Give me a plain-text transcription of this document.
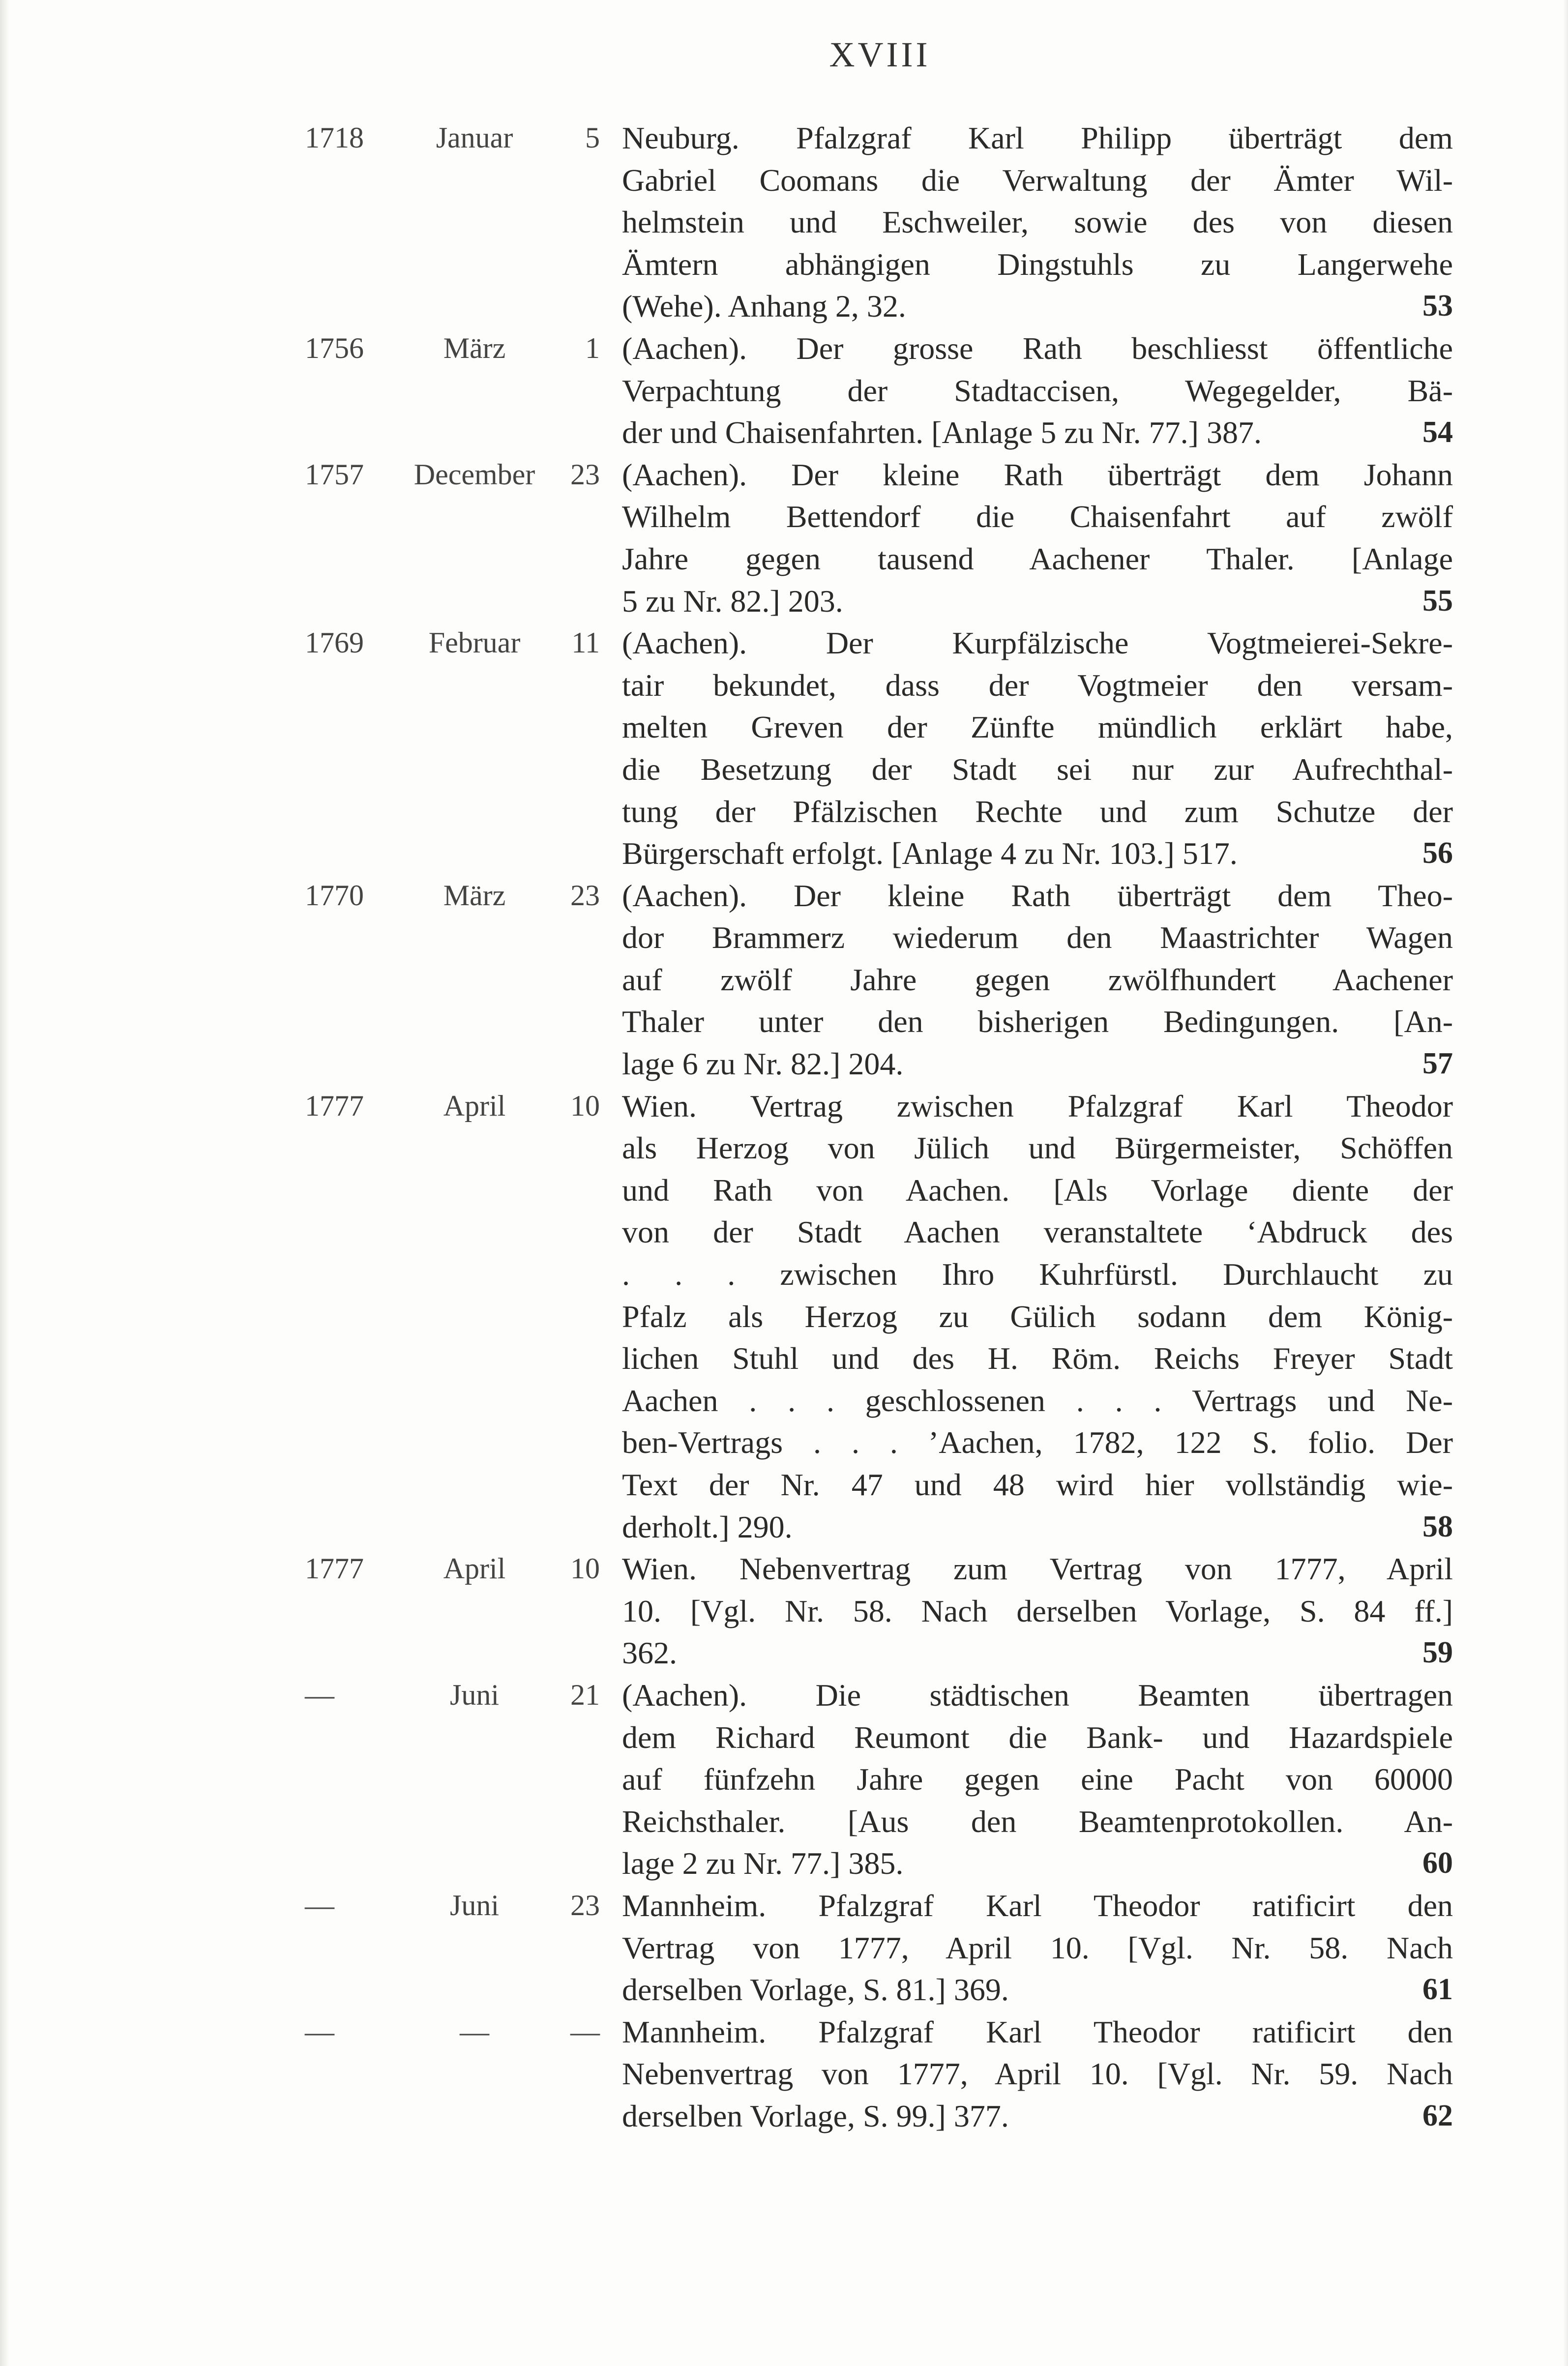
XVIII
1718	Januar	5 Neuburg. Pfalzgraf Karl Philipp überträgt dem
Gabriel Coomans die Verwaltung der Ämter Wil-
helmstein und Eschweiler, sowie des von diesen
Ämtern abhängigen Dingstuhls zu Langerwehe
(Wehe). Anhang 2, 32.	53
1756	März	1 (Aachen). Der grosse Rath beschliesst öffentliche
Verpachtung der Stadtaccisen, Wegegelder, Bä-
der und Chaisenfahrten. [Anlage 5 zu Nr. 77.] 387.	54
1757	December	23 (Aachen). Der kleine Rath überträgt dem Johann
Wilhelm Bettendorf die Chaisenfahrt auf zwölf
Jahre gegen tausend Aachener Thaler. [Anlage
5 zu Nr. 82.] 203.	55
1769	Februar	11 (Aachen). Der Kurpfälzische Vogtmeierei-Sekre-
tair bekundet, dass der Vogtmeier den versam-
melten Greven der Zünfte mündlich erklärt habe,
die Besetzung der Stadt sei nur zur Aufrechthal-
tung der Pfälzischen Rechte und zum Schutze der
Bürgerschaft erfolgt. [Anlage 4 zu Nr. 103.] 517.	56
1770	März	23 (Aachen). Der kleine Rath überträgt dem Theo-
dor Brammerz wiederum den Maastrichter Wagen
auf zwölf Jahre gegen zwölfhundert Aachener
Thaler unter den bisherigen Bedingungen. [An-
lage 6 zu Nr. 82.] 204.	57
1777	April	10 Wien. Vertrag zwischen Pfalzgraf Karl Theodor
als Herzog von Jülich und Bürgermeister, Schöffen
und Rath von Aachen. [Als Vorlage diente der
von der Stadt Aachen veranstaltete ‘Abdruck des
. . . zwischen Ihro Kuhrfürstl. Durchlaucht zu
Pfalz als Herzog zu Gülich sodann dem König-
lichen Stuhl und des H. Röm. Reichs Freyer Stadt
Aachen . . . geschlossenen . . . Vertrags und Ne-
ben-Vertrags . . . ’Aachen, 1782, 122 S. folio. Der
Text der Nr. 47 und 48 wird hier vollständig wie-
derholt.] 290.	58
1777	April	10 Wien. Nebenvertrag zum Vertrag von 1777, April
10. [Vgl. Nr. 58. Nach derselben Vorlage, S. 84 ff.]
362.	59
—	Juni	21 (Aachen). Die städtischen Beamten übertragen
dem Richard Reumont die Bank- und Hazardspiele
auf fünfzehn Jahre gegen eine Pacht von 60000
Reichsthaler. [Aus den Beamtenprotokollen. An-
lage 2 zu Nr. 77.] 385.	60
—	Juni	23 Mannheim. Pfalzgraf Karl Theodor ratificirt den
Vertrag von 1777, April 10. [Vgl. Nr. 58. Nach
derselben Vorlage, S. 81.] 369.	61
—	—	— Mannheim. Pfalzgraf Karl Theodor ratificirt den
Nebenvertrag von 1777, April 10. [Vgl. Nr. 59. Nach
derselben Vorlage, S. 99.] 377.	62
